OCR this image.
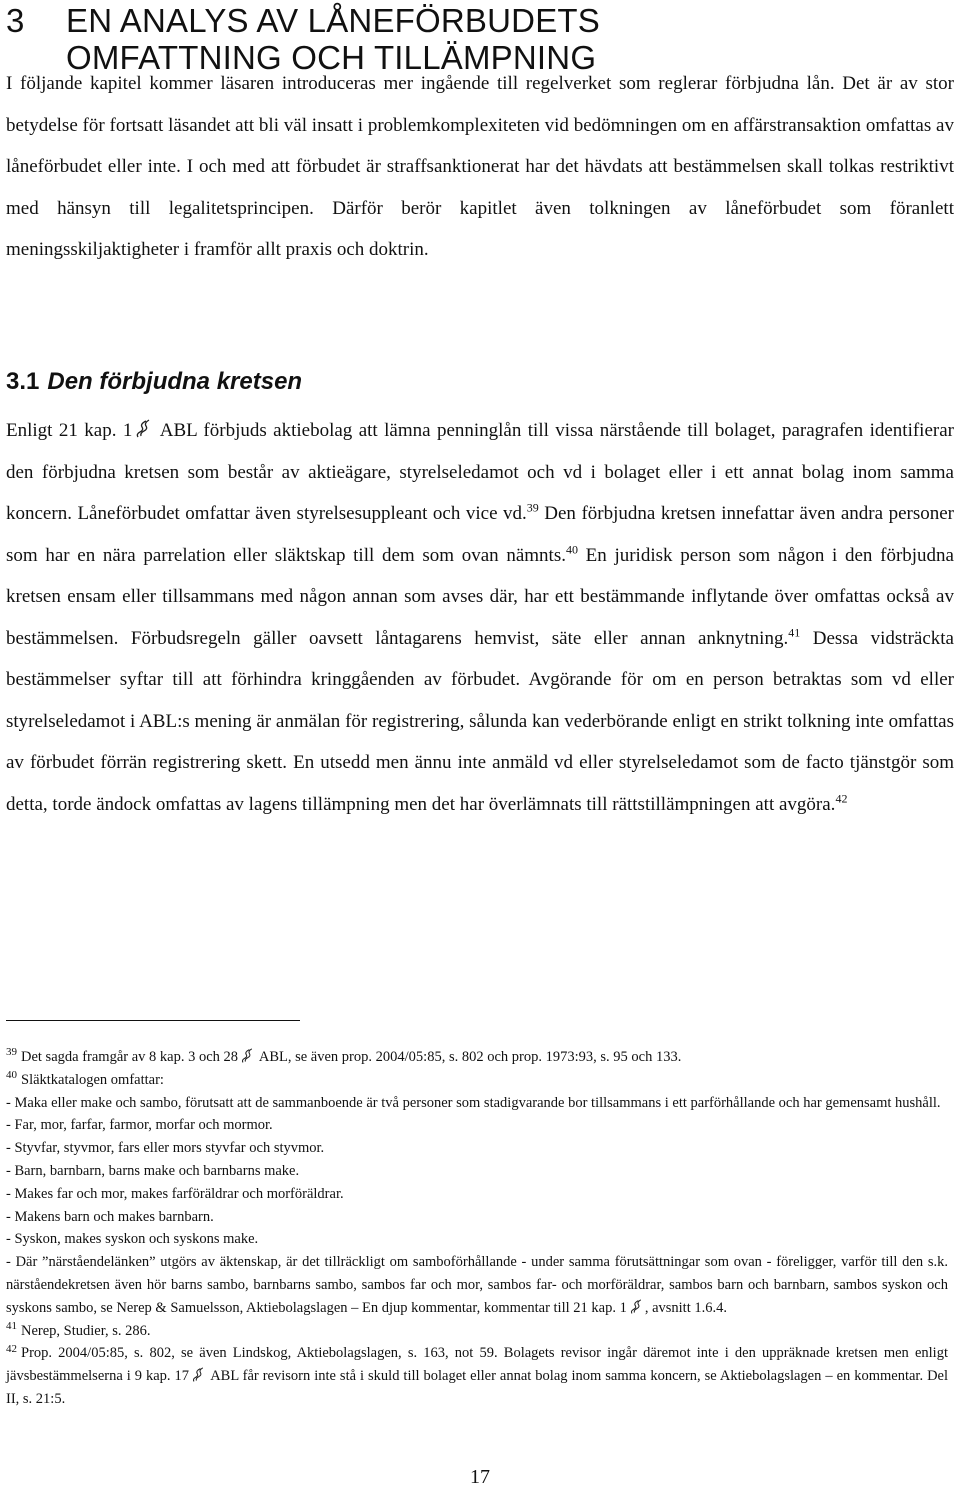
3 EN ANALYS AV LÅNEFÖRBUDETS
OMFATTNING OCH TILLÄMPNING

I följande kapitel kommer läsaren introduceras mer ingående till regelverket som reglerar förbjudna lån. Det är av stor betydelse för fortsatt läsandet att bli väl insatt i problemkomplexiteten vid bedömningen om en affärstransaktion omfattas av låneförbudet eller inte. I och med att förbudet är straffsanktionerat har det hävdats att bestämmelsen skall tolkas restriktivt med hänsyn till legalitetsprincipen. Därför berör kapitlet även tolkningen av låneförbudet som föranlett meningsskiljaktigheter i framför allt praxis och doktrin.

3.1 Den förbjudna kretsen

Enligt 21 kap. 1 ABL förbjuds aktiebolag att lämna penninglån till vissa närstående till bolaget, paragrafen identifierar den förbjudna kretsen som består av aktieägare, styrelseledamot och vd i bolaget eller i ett annat bolag inom samma koncern. Låneförbudet omfattar även styrelsesuppleant och vice vd.$^{39}$ Den förbjudna kretsen innefattar även andra personer som har en nära parrelation eller släktskap till dem som ovan nämnts.$^{40}$ En juridisk person som någon i den förbjudna kretsen ensam eller tillsammans med någon annan som avses där, har ett bestämmande inflytande över omfattas också av bestämmelsen. Förbudsregeln gäller oavsett låntagarens hemvist, säte eller annan anknytning.$^{41}$ Dessa vidsträckta bestämmelser syftar till att förhindra kringgåenden av förbudet. Avgörande för om en person betraktas som vd eller styrelseledamot i ABL:s mening är anmälan för registrering, sålunda kan vederbörande enligt en strikt tolkning inte omfattas av förbudet förrän registrering skett. En utsedd men ännu inte anmäld vd eller styrelseledamot som de facto tjänstgör som detta, torde ändock omfattas av lagens tillämpning men det har överlämnats till rättstillämpningen att avgöra.$^{42}$

$^{39}$ Det sagda framgår av 8 kap. 3 och 28 ABL, se även prop. 2004/05:85, s. 802 och prop. 1973:93, s. 95 och 133.

$^{40}$ Släktkatalogen omfattar:

- Maka eller make och sambo, förutsatt att de sammanboende är två personer som stadigvarande bor tillsammans i ett parförhållande och har gemensamt hushåll.

- Far, mor, farfar, farmor, morfar och mormor.

- Styvfar, styvmor, fars eller mors styvfar och styvmor.

- Barn, barnbarn, barns make och barnbarns make.

- Makes far och mor, makes farföräldrar och morföräldrar.

- Makens barn och makes barnbarn.

- Syskon, makes syskon och syskons make.

- Där ”närståendelänken” utgörs av äktenskap, är det tillräckligt om samboförhållande - under samma förutsättningar som ovan - föreligger, varför till den s.k. närståendekretsen även hör barns sambo, barnbarns sambo, sambos far och mor, sambos far- och morföräldrar, sambos barn och barnbarn, sambos syskon och syskons sambo, se Nerep & Samuelsson, Aktiebolagslagen – En djup kommentar, kommentar till 21 kap. 1 , avsnitt 1.6.4.

$^{41}$ Nerep, Studier, s. 286.

$^{42}$ Prop. 2004/05:85, s. 802, se även Lindskog, Aktiebolagslagen, s. 163, not 59. Bolagets revisor ingår däremot inte i den uppräknade kretsen men enligt jävsbestämmelserna i 9 kap. 17 ABL får revisorn inte stå i skuld till bolaget eller annat bolag inom samma koncern, se Aktiebolagslagen – en kommentar. Del II, s. 21:5.

17
